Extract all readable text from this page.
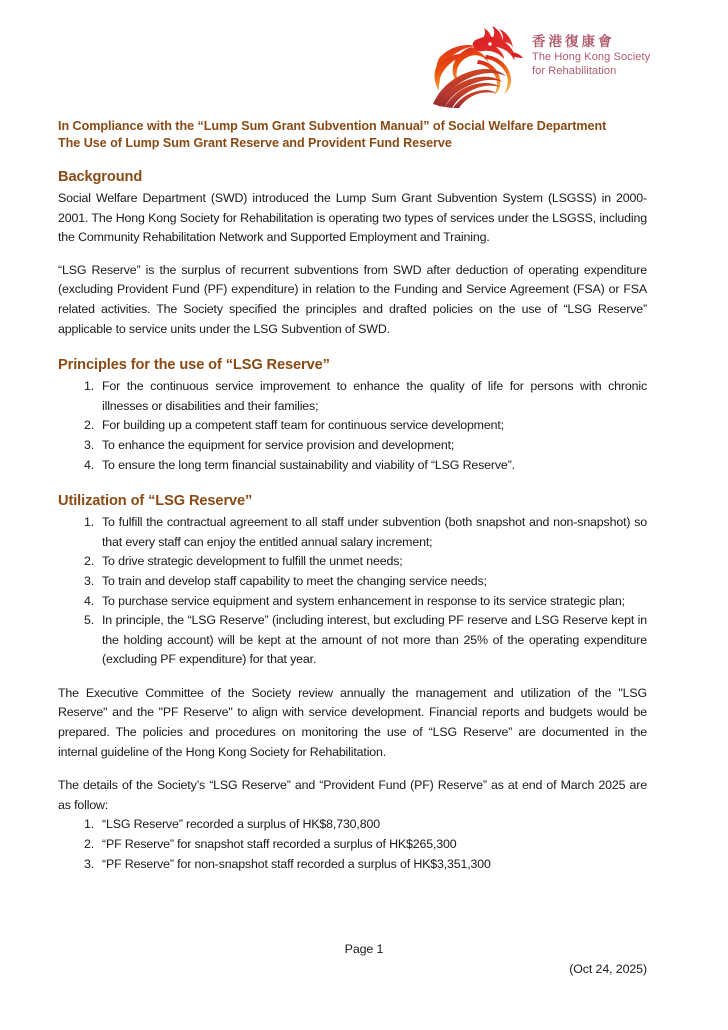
香港復康會
The Hong Kong Society
for Rehabilitation
In Compliance with the “Lump Sum Grant Subvention Manual” of Social Welfare Department
The Use of Lump Sum Grant Reserve and Provident Fund Reserve
Background

Social Welfare Department (SWD) introduced the Lump Sum Grant Subvention System (LSGSS) in 2000-2001. The Hong Kong Society for Rehabilitation is operating two types of services under the LSGSS, including the Community Rehabilitation Network and Supported Employment and Training.

“LSG Reserve” is the surplus of recurrent subventions from SWD after deduction of operating expenditure (excluding Provident Fund (PF) expenditure) in relation to the Funding and Service Agreement (FSA) or FSA related activities. The Society specified the principles and drafted policies on the use of “LSG Reserve” applicable to service units under the LSG Subvention of SWD.

Principles for the use of “LSG Reserve”
1. For the continuous service improvement to enhance the quality of life for persons with chronic illnesses or disabilities and their families;
2. For building up a competent staff team for continuous service development;
3. To enhance the equipment for service provision and development;
4. To ensure the long term financial sustainability and viability of “LSG Reserve”.
Utilization of “LSG Reserve”
1. To fulfill the contractual agreement to all staff under subvention (both snapshot and non-snapshot) so that every staff can enjoy the entitled annual salary increment;
2. To drive strategic development to fulfill the unmet needs;
3. To train and develop staff capability to meet the changing service needs;
4. To purchase service equipment and system enhancement in response to its service strategic plan;
5. In principle, the “LSG Reserve” (including interest, but excluding PF reserve and LSG Reserve kept in the holding account) will be kept at the amount of not more than 25% of the operating expenditure (excluding PF expenditure) for that year.

The Executive Committee of the Society review annually the management and utilization of the "LSG Reserve" and the "PF Reserve" to align with service development. Financial reports and budgets would be prepared. The policies and procedures on monitoring the use of “LSG Reserve” are documented in the internal guideline of the Hong Kong Society for Rehabilitation.

The details of the Society’s “LSG Reserve” and “Provident Fund (PF) Reserve” as at end of March 2025 are as follow:

1. “LSG Reserve” recorded a surplus of HK$8,730,800
2. “PF Reserve” for snapshot staff recorded a surplus of HK$265,300
3. “PF Reserve” for non-snapshot staff recorded a surplus of HK$3,351,300
Page 1
(Oct 24, 2025)
